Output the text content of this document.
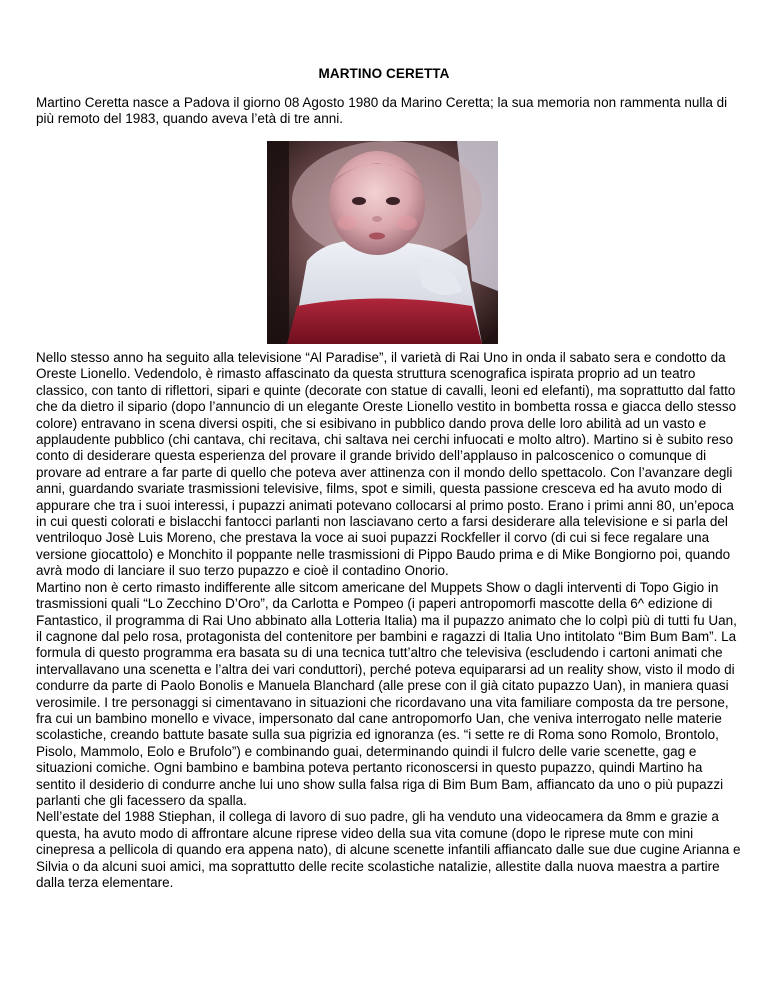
MARTINO CERETTA

Martino Ceretta nasce a Padova il giorno 08 Agosto 1980 da Marino Ceretta; la sua memoria non rammenta nulla di più remoto del 1983, quando aveva l’età di tre anni.

Nello stesso anno ha seguito alla televisione “Al Paradise”, il varietà di Rai Uno in onda il sabato sera e condotto da Oreste Lionello. Vedendolo, è rimasto affascinato da questa struttura scenografica ispirata proprio ad un teatro classico, con tanto di riflettori, sipari e quinte (decorate con statue di cavalli, leoni ed elefanti), ma soprattutto dal fatto che da dietro il sipario (dopo l’annuncio di un elegante Oreste Lionello vestito in bombetta rossa e giacca dello stesso colore) entravano in scena diversi ospiti, che si esibivano in pubblico dando prova delle loro abilità ad un vasto e applaudente pubblico (chi cantava, chi recitava, chi saltava nei cerchi infuocati e molto altro). Martino si è subito reso conto di desiderare questa esperienza del provare il grande brivido dell’applauso in palcoscenico o comunque di provare ad entrare a far parte di quello che poteva aver attinenza con il mondo dello spettacolo. Con l’avanzare degli anni, guardando svariate trasmissioni televisive, films, spot e simili, questa passione cresceva ed ha avuto modo di appurare che tra i suoi interessi, i pupazzi animati potevano collocarsi al primo posto. Erano i primi anni 80, un’epoca in cui questi colorati e bislacchi fantocci parlanti non lasciavano certo a farsi desiderare alla televisione e si parla del ventriloquo Josè Luis Moreno, che prestava la voce ai suoi pupazzi Rockfeller il corvo (di cui si fece regalare una versione giocattolo) e Monchito il poppante nelle trasmissioni di Pippo Baudo prima e di Mike Bongiorno poi, quando avrà modo di lanciare il suo terzo pupazzo e cioè il contadino Onorio.

Martino non è certo rimasto indifferente alle sitcom americane del Muppets Show o dagli interventi di Topo Gigio in trasmissioni quali “Lo Zecchino D’Oro”, da Carlotta e Pompeo (i paperi antropomorfi mascotte della 6^ edizione di Fantastico, il programma di Rai Uno abbinato alla Lotteria Italia) ma il pupazzo animato che lo colpì più di tutti fu Uan, il cagnone dal pelo rosa, protagonista del contenitore per bambini e ragazzi di Italia Uno intitolato “Bim Bum Bam”. La formula di questo programma era basata su di una tecnica tutt’altro che televisiva (escludendo i cartoni animati che intervallavano una scenetta e l’altra dei vari conduttori), perché poteva equipararsi ad un reality show, visto il modo di condurre da parte di Paolo Bonolis e Manuela Blanchard (alle prese con il già citato pupazzo Uan), in maniera quasi verosimile. I tre personaggi si cimentavano in situazioni che ricordavano una vita familiare composta da tre persone, fra cui un bambino monello e vivace, impersonato dal cane antropomorfo Uan, che veniva interrogato nelle materie scolastiche, creando battute basate sulla sua pigrizia ed ignoranza (es. “i sette re di Roma sono Romolo, Brontolo, Pisolo, Mammolo, Eolo e Brufolo”) e combinando guai, determinando quindi il fulcro delle varie scenette, gag e situazioni comiche. Ogni bambino e bambina poteva pertanto riconoscersi in questo pupazzo, quindi Martino ha sentito il desiderio di condurre anche lui uno show sulla falsa riga di Bim Bum Bam, affiancato da uno o più pupazzi parlanti che gli facessero da spalla.

Nell’estate del 1988 Stiephan, il collega di lavoro di suo padre, gli ha venduto una videocamera da 8mm e grazie a questa, ha avuto modo di affrontare alcune riprese video della sua vita comune (dopo le riprese mute con mini cinepresa a pellicola di quando era appena nato), di alcune scenette infantili affiancato dalle sue due cugine Arianna e Silvia o da alcuni suoi amici, ma soprattutto delle recite scolastiche natalizie, allestite dalla nuova maestra a partire dalla terza elementare.
